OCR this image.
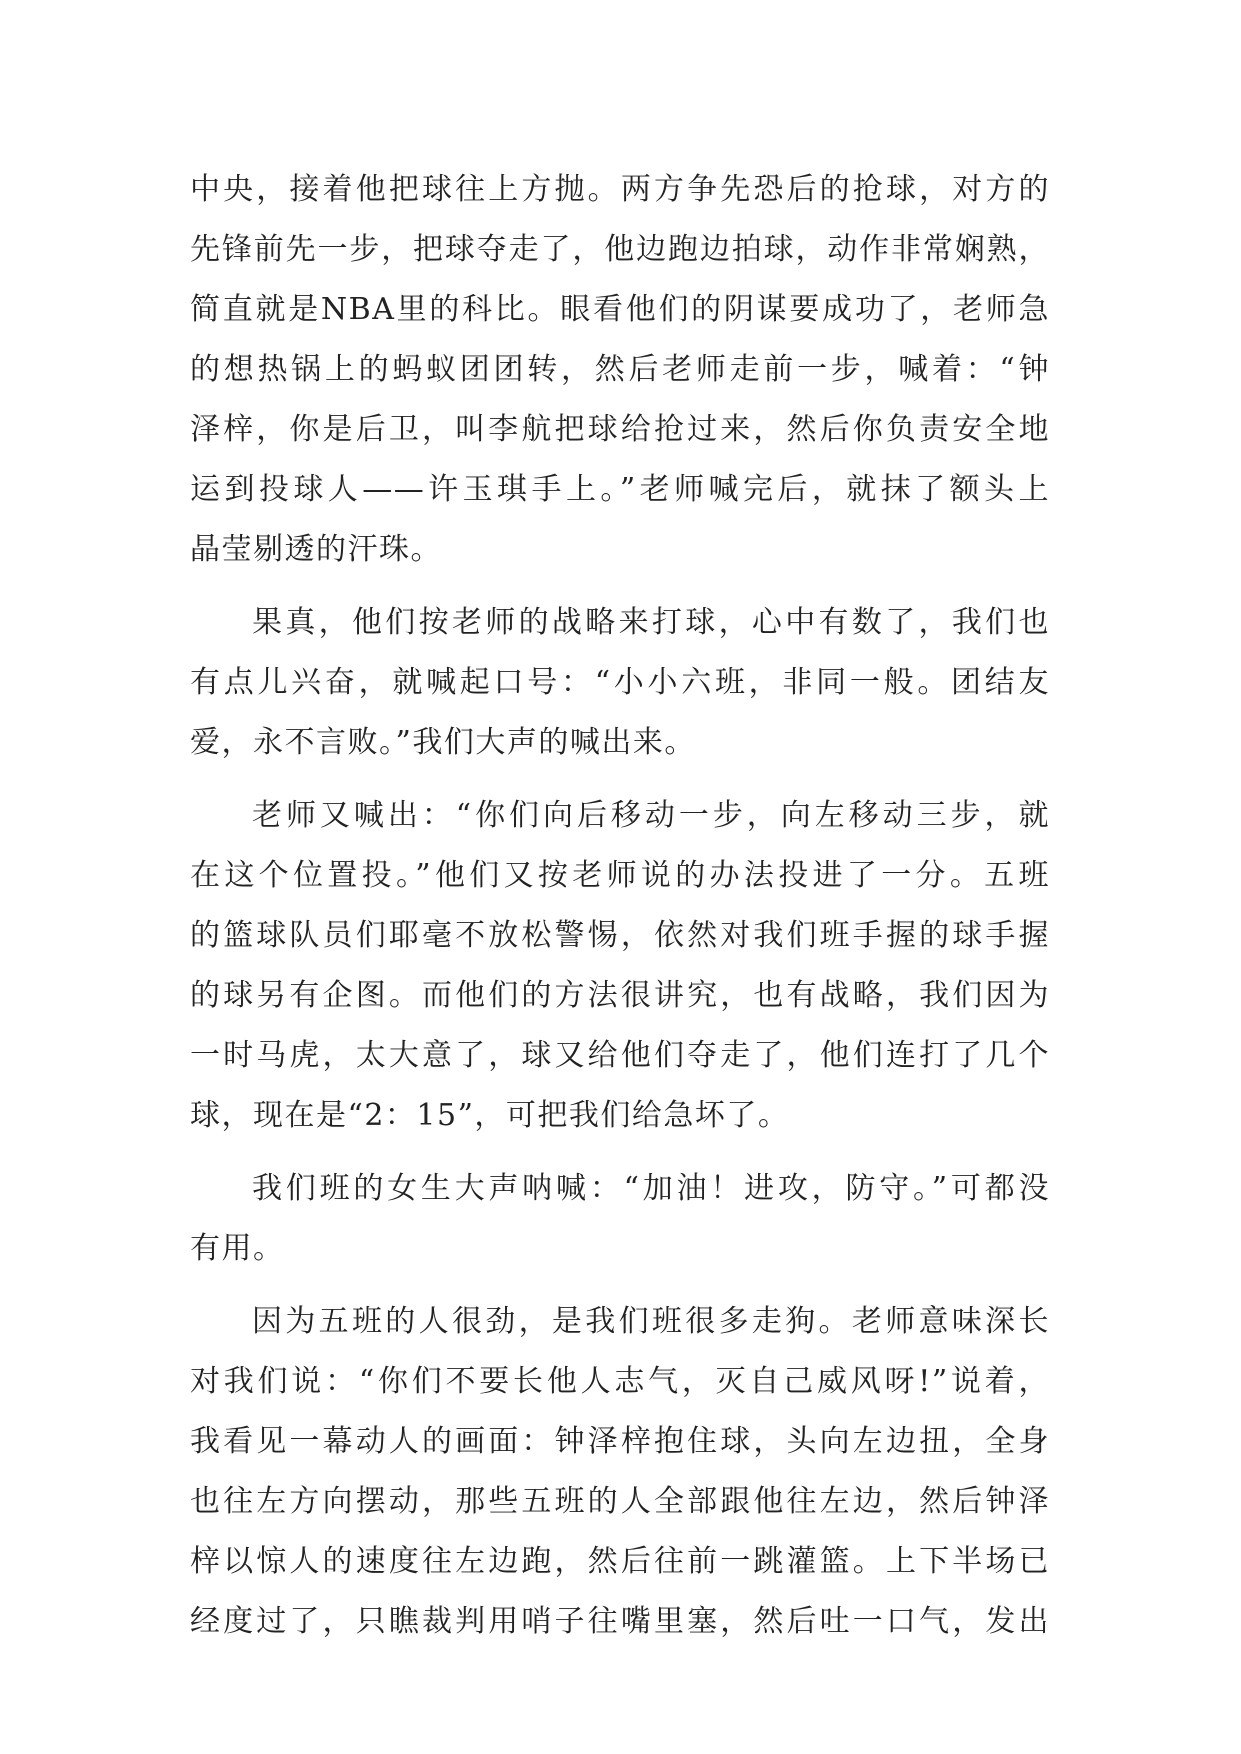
中央，接着他把球往上方抛。两方争先恐后的抢球，对方的
先锋前先一步，把球夺走了，他边跑边拍球，动作非常娴熟，
简直就是NBA里的科比。眼看他们的阴谋要成功了，老师急
的想热锅上的蚂蚁团团转，然后老师走前一步，喊着：“钟
泽梓，你是后卫，叫李航把球给抢过来，然后你负责安全地
运到投球人——许玉琪手上。”老师喊完后，就抹了额头上
晶莹剔透的汗珠。
果真，他们按老师的战略来打球，心中有数了，我们也
有点儿兴奋，就喊起口号：“小小六班，非同一般。团结友
爱，永不言败。”我们大声的喊出来。
老师又喊出：“你们向后移动一步，向左移动三步，就
在这个位置投。”他们又按老师说的办法投进了一分。五班
的篮球队员们耶毫不放松警惕，依然对我们班手握的球手握
的球另有企图。而他们的方法很讲究，也有战略，我们因为
一时马虎，太大意了，球又给他们夺走了，他们连打了几个
球，现在是“2：15”，可把我们给急坏了。
我们班的女生大声呐喊：“加油！进攻，防守。”可都没
有用。
因为五班的人很劲，是我们班很多走狗。老师意味深长
对我们说：“你们不要长他人志气，灭自己威风呀!”说着，
我看见一幕动人的画面：钟泽梓抱住球，头向左边扭，全身
也往左方向摆动，那些五班的人全部跟他往左边，然后钟泽
梓以惊人的速度往左边跑，然后往前一跳灌篮。上下半场已
经度过了，只瞧裁判用哨子往嘴里塞，然后吐一口气，发出
